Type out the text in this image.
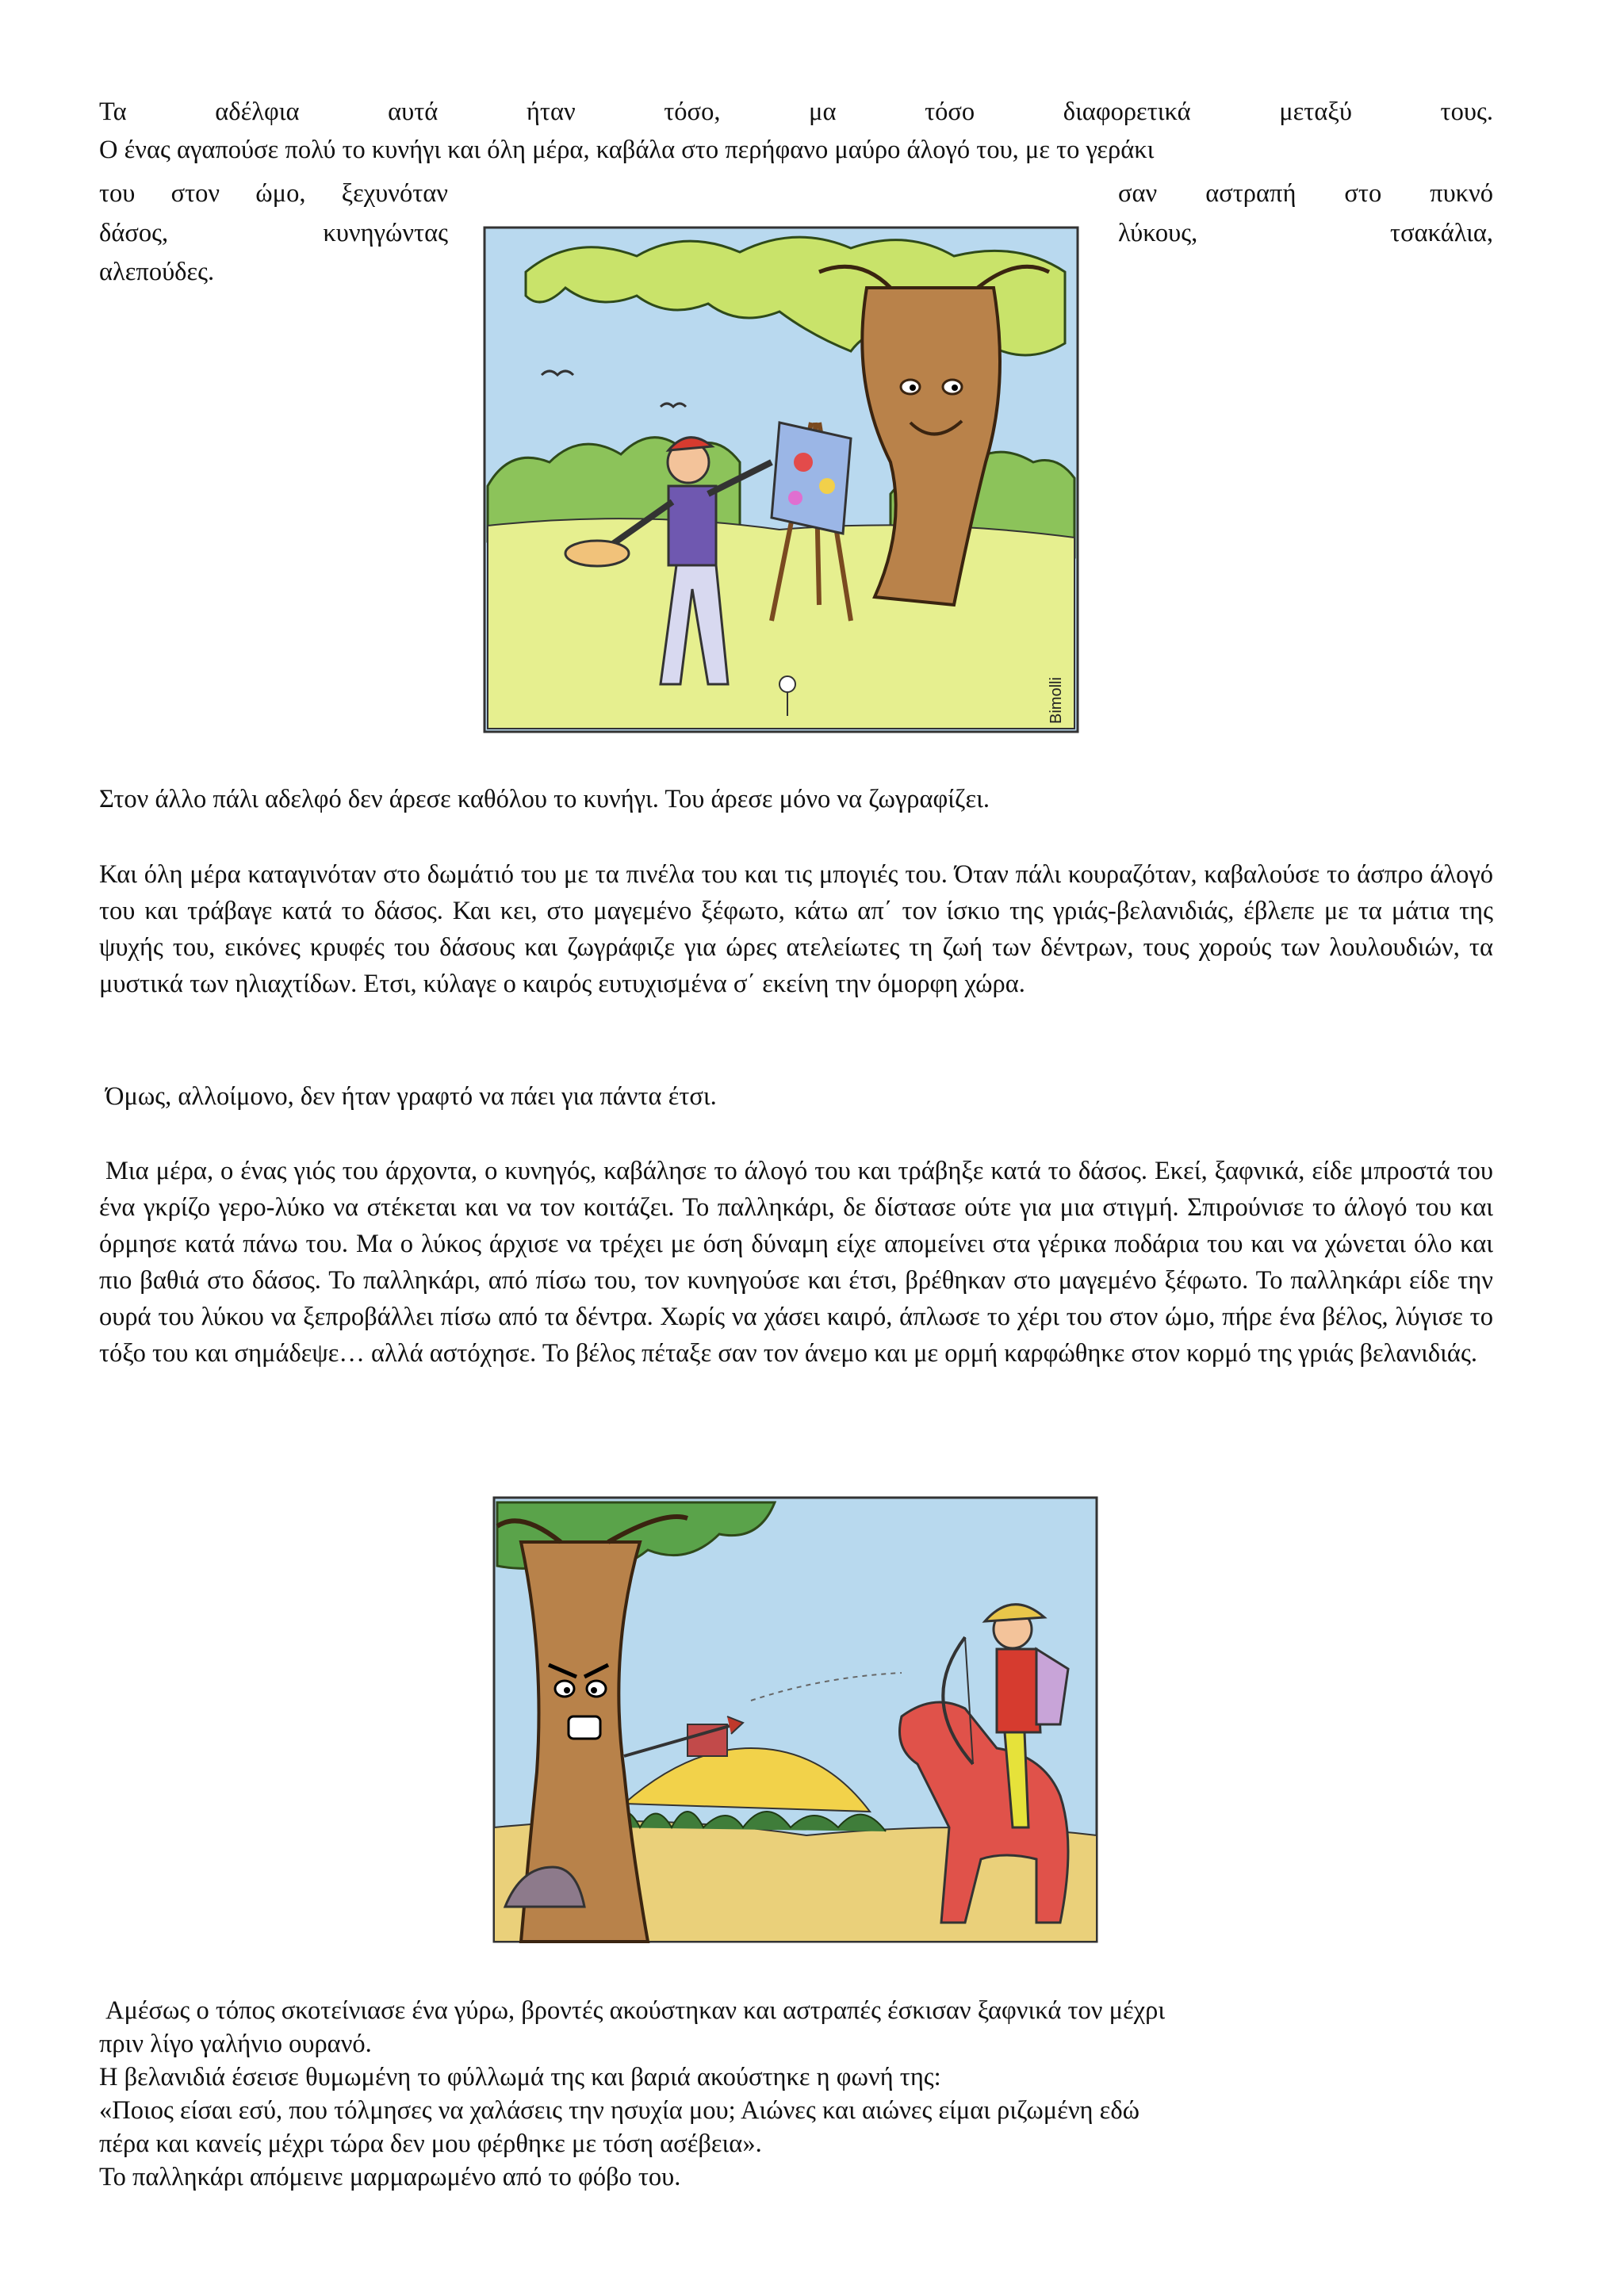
Τα	αδέλφια	αυτά	ήταν	τόσο,	μα	τόσο	διαφορετικά	μεταξύ	τους.
Ο ένας αγαπούσε πολύ το κυνήγι και όλη μέρα, καβάλα στο περήφανο μαύρο άλογό του, με το γεράκι
του στον ώμο, ξεχυνόταν	σαν αστραπή στο πυκνό
δάσος,	κυνηγώντας	λύκους,	τσακάλια,
αλεπούδες.
Bimolli

Στον άλλο πάλι αδελφό δεν άρεσε καθόλου το κυνήγι. Του άρεσε μόνο να ζωγραφίζει.

Και όλη μέρα καταγινόταν στο δωμάτιό του με τα πινέλα του και τις μπογιές του. Όταν πάλι κουραζόταν, καβαλούσε το άσπρο άλογό του και τράβαγε κατά το δάσος. Και κει, στο μαγεμένο ξέφωτο, κάτω απ΄ τον ίσκιο της γριάς-βελανιδιάς, έβλεπε με τα μάτια της ψυχής του, εικόνες κρυφές του δάσους και ζωγράφιζε για ώρες ατελείωτες τη ζωή των δέντρων, τους χορούς των λουλουδιών, τα μυστικά των ηλιαχτίδων. Ετσι, κύλαγε ο καιρός ευτυχισμένα σ΄ εκείνη την όμορφη χώρα.

Όμως, αλλοίμονο, δεν ήταν γραφτό να πάει για πάντα έτσι.

Μια μέρα, ο ένας γιός του άρχοντα, ο κυνηγός, καβάλησε το άλογό του και τράβηξε κατά το δάσος. Εκεί, ξαφνικά, είδε μπροστά του ένα γκρίζο γερο-λύκο να στέκεται και να τον κοιτάζει. Το παλληκάρι, δε δίστασε ούτε για μια στιγμή. Σπιρούνισε το άλογό του και όρμησε κατά πάνω του. Μα ο λύκος άρχισε να τρέχει με όση δύναμη είχε απομείνει στα γέρικα ποδάρια του και να χώνεται όλο και πιο βαθιά στο δάσος. Το παλληκάρι, από πίσω του, τον κυνηγούσε και έτσι, βρέθηκαν στο μαγεμένο ξέφωτο. Το παλληκάρι είδε την ουρά του λύκου να ξεπροβάλλει πίσω από τα δέντρα. Χωρίς να χάσει καιρό, άπλωσε το χέρι του στον ώμο, πήρε ένα βέλος, λύγισε το τόξο του και σημάδεψε… αλλά αστόχησε. Το βέλος πέταξε σαν τον άνεμο και με ορμή καρφώθηκε στον κορμό της γριάς βελανιδιάς.

Αμέσως ο τόπος σκοτείνιασε ένα γύρω, βροντές ακούστηκαν και αστραπές έσκισαν ξαφνικά τον μέχρι

πριν λίγο γαλήνιο ουρανό.

Η βελανιδιά έσεισε θυμωμένη το φύλλωμά της και βαριά ακούστηκε η φωνή της:

«Ποιος είσαι εσύ, που τόλμησες να χαλάσεις την ησυχία μου; Αιώνες και αιώνες είμαι ριζωμένη εδώ

πέρα και κανείς μέχρι τώρα δεν μου φέρθηκε με τόση ασέβεια».

Το παλληκάρι απόμεινε μαρμαρωμένο από το φόβο του.
